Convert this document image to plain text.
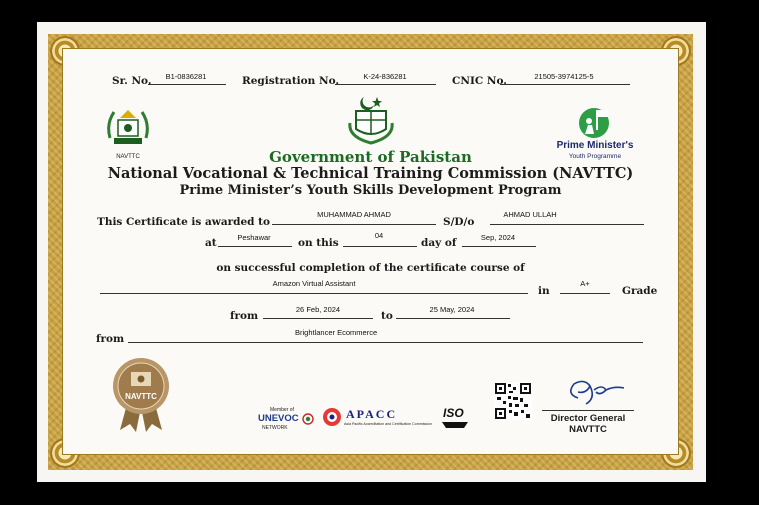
Sr. No.	B1-0836281	Registration No.	K-24-836281	CNIC No.	21505-3974125-5
NAVTTC
Prime Minister's
Youth Programme
Government of Pakistan
National Vocational & Technical Training Commission (NAVTTC)
Prime Minister’s Youth Skills Development Program
This Certificate is awarded to
MUHAMMAD AHMAD
S/D/o
AHMAD ULLAH
at	Peshawar	on this
04
day of	Sep, 2024
on successful completion of the certificate course of
Amazon Virtual Assistant
in
A+
Grade
from
26 Feb, 2024
to
25 May, 2024
from
Brightlancer Ecommerce
NAVTTC
Member of
UNEVOC
NETWORK
APACC
Asia Pacific Accreditation and Certification Commission
ISO	Director General
NAVTTC
